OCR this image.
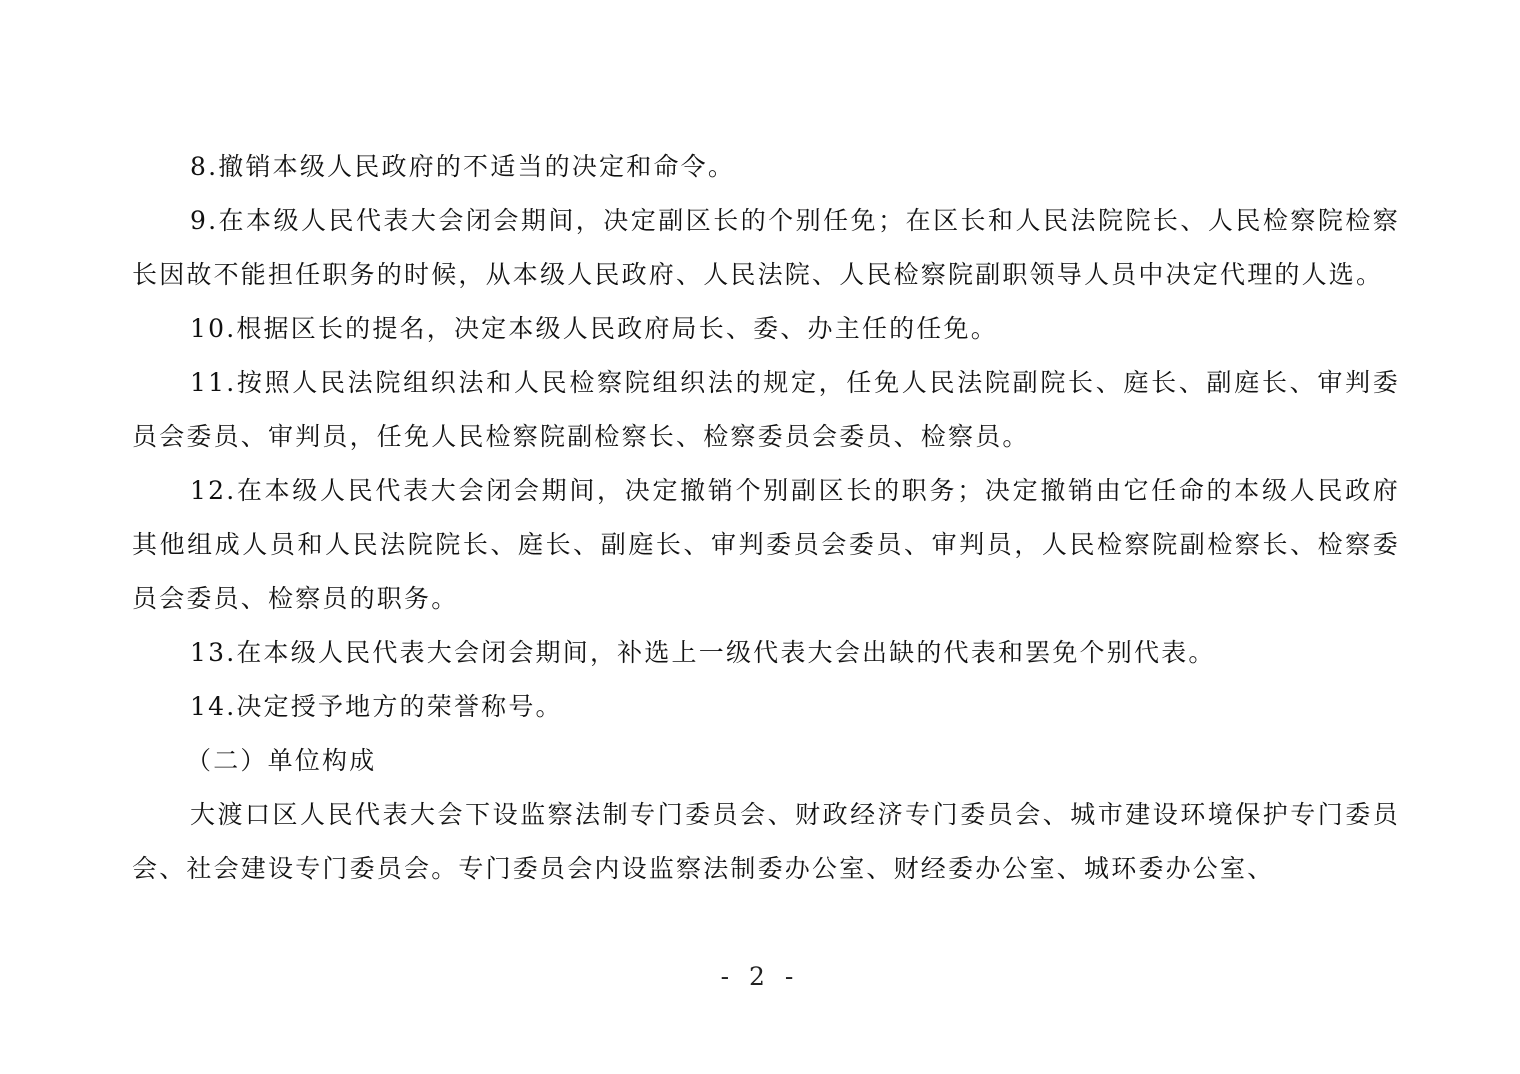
8.撤销本级人民政府的不适当的决定和命令。

9.在本级人民代表大会闭会期间，决定副区长的个别任免；在区长和人民法院院长、人民检察院检察长因故不能担任职务的时候，从本级人民政府、人民法院、人民检察院副职领导人员中决定代理的人选。

10.根据区长的提名，决定本级人民政府局长、委、办主任的任免。

11.按照人民法院组织法和人民检察院组织法的规定，任免人民法院副院长、庭长、副庭长、审判委员会委员、审判员，任免人民检察院副检察长、检察委员会委员、检察员。

12.在本级人民代表大会闭会期间，决定撤销个别副区长的职务；决定撤销由它任命的本级人民政府其他组成人员和人民法院院长、庭长、副庭长、审判委员会委员、审判员，人民检察院副检察长、检察委员会委员、检察员的职务。

13.在本级人民代表大会闭会期间，补选上一级代表大会出缺的代表和罢免个别代表。

14.决定授予地方的荣誉称号。

（二）单位构成

大渡口区人民代表大会下设监察法制专门委员会、财政经济专门委员会、城市建设环境保护专门委员会、社会建设专门委员会。专门委员会内设监察法制委办公室、财经委办公室、城环委办公室、

- 2 -
